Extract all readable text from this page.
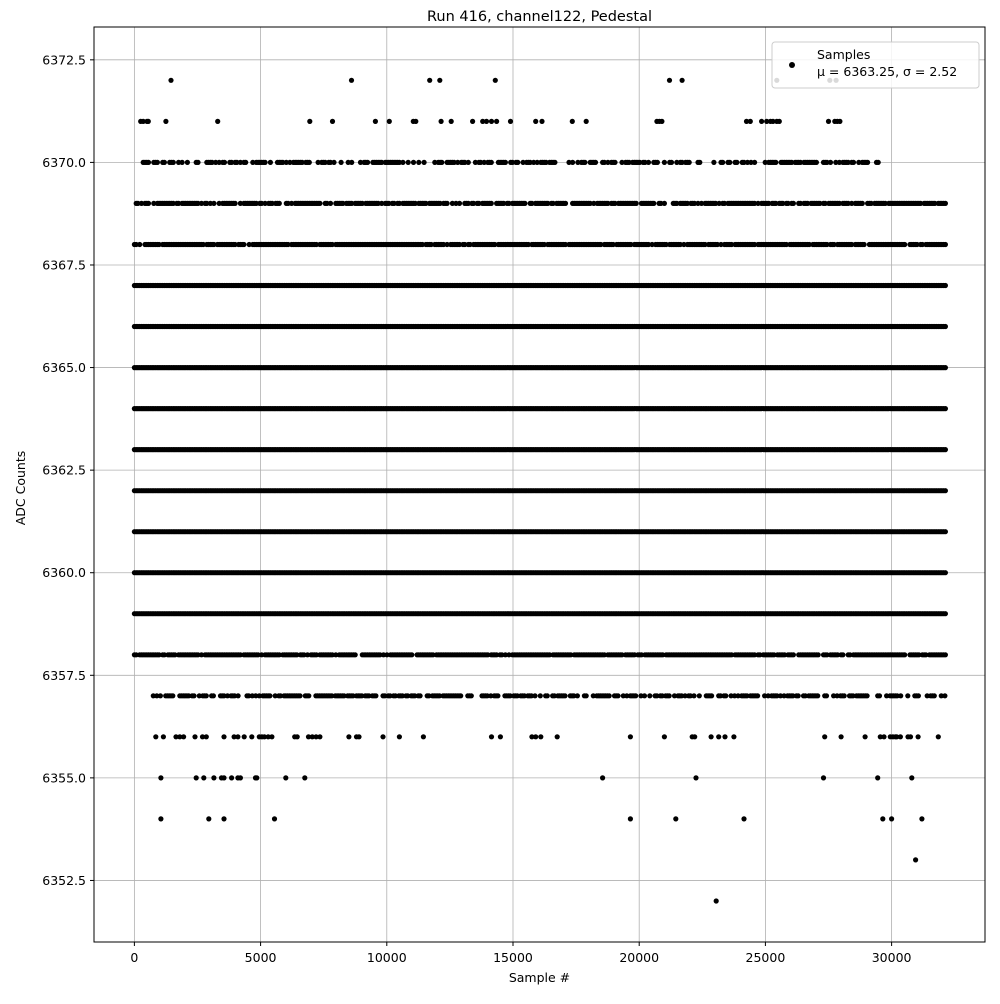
0	5000	10000	15000	20000	25000	30000
6352.5
6355.0
6357.5
6360.0
6362.5
6365.0
6367.5
6370.0
6372.5
Run 416, channel122, Pedestal
Sample #
ADC Counts
Samples
μ = 6363.25, σ = 2.52
